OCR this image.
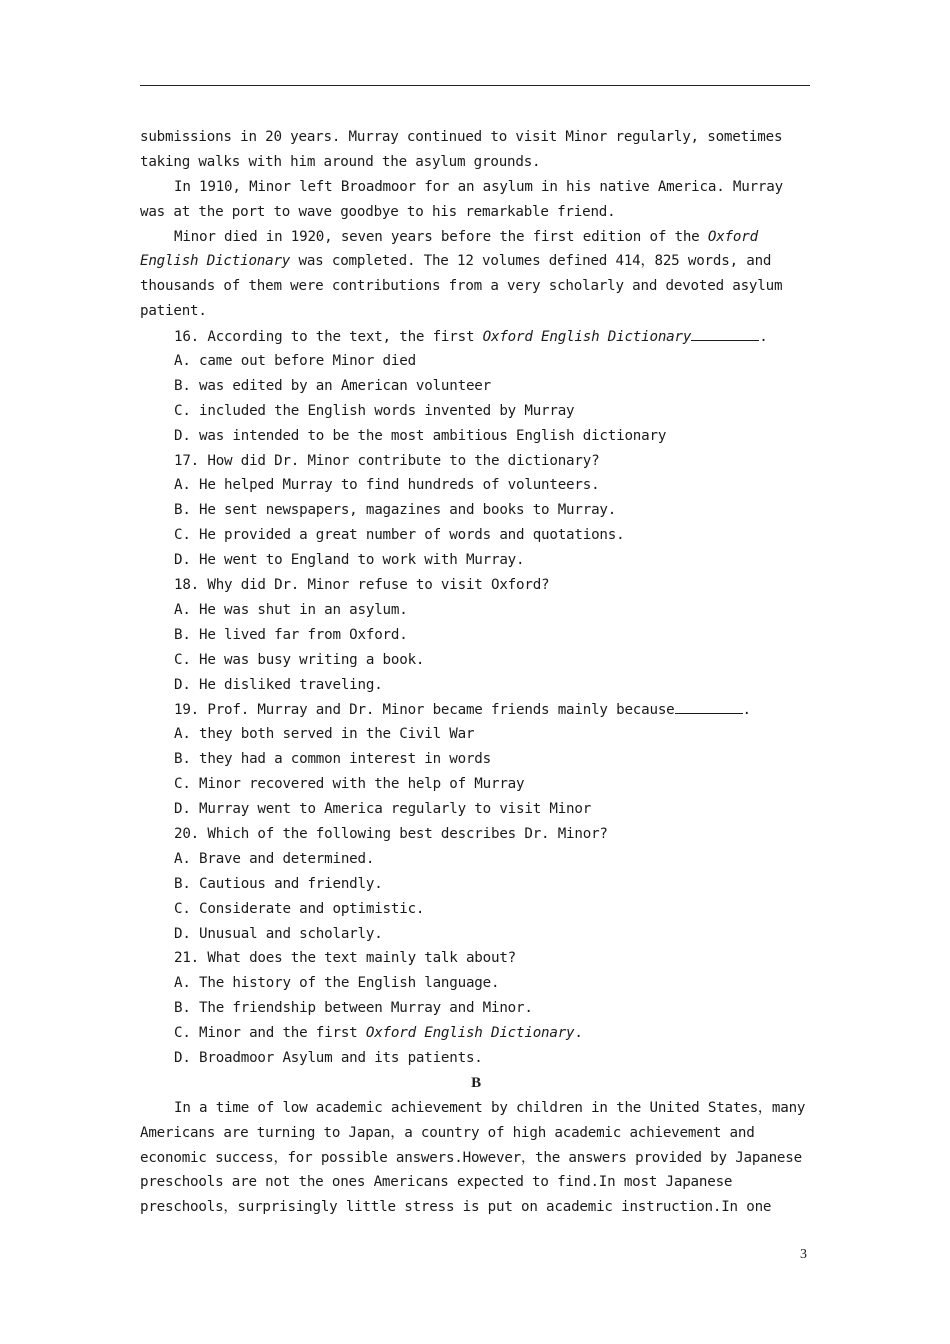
submissions in 20 years. Murray continued to visit Minor regularly, sometimes
taking walks with him around the asylum grounds.
In 1910, Minor left Broadmoor for an asylum in his native America. Murray
was at the port to wave goodbye to his remarkable friend.
Minor died in 1920, seven years before the first edition of the Oxford
English Dictionary was completed. The 12 volumes defined 414，825 words, and
thousands of them were contributions from a very scholarly and devoted asylum
patient.
16. According to the text, the first Oxford English Dictionary	.
A. came out before Minor died
B. was edited by an American volunteer
C. included the English words invented by Murray
D. was intended to be the most ambitious English dictionary
17. How did Dr. Minor contribute to the dictionary?
A. He helped Murray to find hundreds of volunteers.
B. He sent newspapers, magazines and books to Murray.
C. He provided a great number of words and quotations.
D. He went to England to work with Murray.
18. Why did Dr. Minor refuse to visit Oxford?
A. He was shut in an asylum.
B. He lived far from Oxford.
C. He was busy writing a book.
D. He disliked traveling.
19. Prof. Murray and Dr. Minor became friends mainly because	.
A. they both served in the Civil War
B. they had a common interest in words
C. Minor recovered with the help of Murray
D. Murray went to America regularly to visit Minor
20. Which of the following best describes Dr. Minor?
A. Brave and determined.
B. Cautious and friendly.
C. Considerate and optimistic.
D. Unusual and scholarly.
21. What does the text mainly talk about?
A. The history of the English language.
B. The friendship between Murray and Minor.
C. Minor and the first Oxford English Dictionary.
D. Broadmoor Asylum and its patients.
B
In a time of low academic achievement by children in the United States，many
Americans are turning to Japan，a country of high academic achievement and
economic success，for possible answers.However，the answers provided by Japanese
preschools are not the ones Americans expected to find.In most Japanese
preschools，surprisingly little stress is put on academic instruction.In one
3
